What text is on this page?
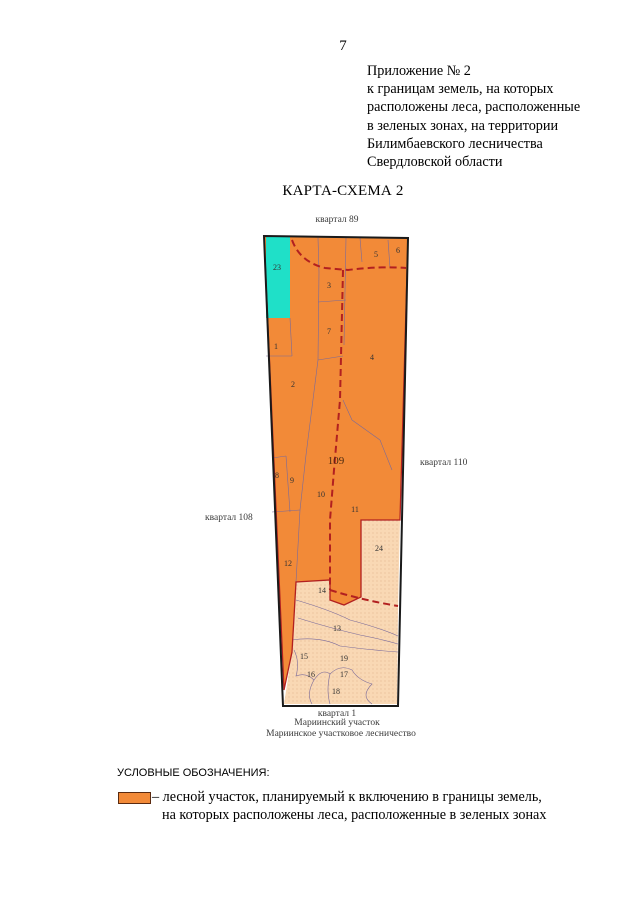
7
Приложение № 2
к границам земель, на которых
расположены леса, расположенные
в зеленых зонах, на территории
Билимбаевского лесничества
Свердловской области
КАРТА-СХЕМА 2
23
5 6
3
7
1
4
2
8
9
10
11
24
12
14
13
15	19
16	17
18
109
квартал 89
квартал 110
квартал 108
квартал 1
Мариинский участок
Мариинское участковое лесничество
УСЛОВНЫЕ ОБОЗНАЧЕНИЯ:
– лесной участок, планируемый к включению в границы земель,
на которых расположены леса, расположенные в зеленых зонах
